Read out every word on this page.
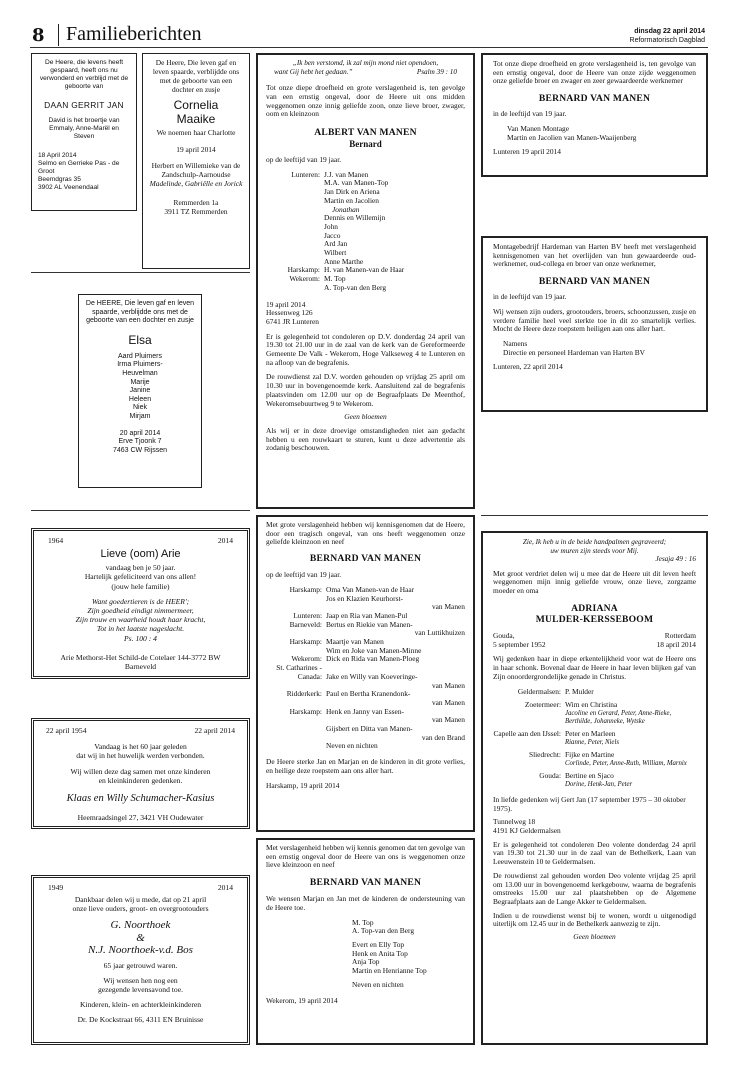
8 Familieberichten	dinsdag 22 april 2014
Reformatorisch Dagblad
De Heere, die levens heeft gespaard, heeft ons nu verwonderd en verblijd met de geboorte van
DAAN GERRIT JAN
David is het broertje van Emmaly, Anne-Marël en Steven
18 April 2014
Selmo en Gerrieke Pas - de Groot
Beemdgras 35
3902 AL Veenendaal
De Heere, Die leven gaf en leven spaarde, verblijdde ons met de geboorte van een dochter en zusje
Cornelia
Maaike
We noemen haar Charlotte
19 april 2014
Herbert en Willemieke van de Zandschulp-Aarnoudse
Madelinde, Gabriëlle en Jorick
Remmerden 1a
3911 TZ Remmerden
De HEERE, Die leven gaf en leven spaarde, verblijdde ons met de geboorte van een dochter en zusje
Elsa
Aard Pluimers
Irma Pluimers-
Heuvelman
Marije
Janine
Heleen
Niek
Mirjam
20 april 2014
Erve Tjoonk 7
7463 CW Rijssen
1964	2014
Lieve (oom) Arie
vandaag ben je 50 jaar.
Hartelijk gefeliciteerd van ons allen!
(jouw hele familie)
Want goedertieren is de HEER';
Zijn goedheid eindigt nimmermeer,
Zijn trouw en waarheid houdt haar kracht,
Tot in het laatste nageslacht.
Ps. 100 : 4
Arie Methorst-Het Schild-de Cotelaer 144-3772 BW Barneveld
22 april 1954	22 april 2014
Vandaag is het 60 jaar geleden
dat wij in het huwelijk werden verbonden.
Wij willen deze dag samen met onze kinderen
en kleinkinderen gedenken.
Klaas en Willy Schumacher-Kasius
Heemraadsingel 27, 3421 VH Oudewater
1949	2014
Dankbaar delen wij u mede, dat op 21 april
onze lieve ouders, groot- en overgrootouders
G. Noorthoek
&
N.J. Noorthoek-v.d. Bos
65 jaar getrouwd waren.
Wij wensen hen nog een
gezegende levensavond toe.
Kinderen, klein- en achterkleinkinderen
Dr. De Kockstraat 66, 4311 EN Bruinisse
„Ik ben verstomd, ik zal mijn mond niet opendoen,
want Gij hebt het gedaan.”	Psalm 39 : 10
Tot onze diepe droefheid en grote verslagenheid is, ten gevolge van een ernstig ongeval, door de Heere uit ons midden weggenomen onze innig geliefde zoon, onze lieve broer, zwager, oom en kleinzoon
ALBERT VAN MANEN
Bernard
op de leeftijd van 19 jaar.
Lunteren: J.J. van Manen
M.A. van Manen-Top
Jan Dirk en Ariena
Martin en Jacolien
Jonathan
Dennis en Willemijn
John
Jacco
Ard Jan
Wilbert
Anne Marthe
Harskamp: H. van Manen-van de Haar
Wekerom: M. Top
A. Top-van den Berg
19 april 2014
Hessenweg 126
6741 JR Lunteren
Er is gelegenheid tot condoleren op D.V. donderdag 24 april van 19.30 tot 21.00 uur in de zaal van de kerk van de Gereformeerde Gemeente De Valk - Wekerom, Hoge Valkseweg 4 te Lunteren en na afloop van de begrafenis.
De rouwdienst zal D.V. worden gehouden op vrijdag 25 april om 10.30 uur in bovengenoemde kerk. Aansluitend zal de begrafenis plaatsvinden om 12.00 uur op de Begraafplaats De Meenthof, Wekeromsebuurtweg 9 te Wekerom.
Geen bloemen
Als wij er in deze droevige omstandigheden niet aan gedacht hebben u een rouwkaart te sturen, kunt u deze advertentie als zodanig beschouwen.
Met grote verslagenheid hebben wij kennisgenomen dat de Heere, door een tragisch ongeval, van ons heeft weggenomen onze geliefde kleinzoon en neef
BERNARD VAN MANEN
op de leeftijd van 19 jaar.
Harskamp: Oma Van Manen-van de Haar
Jos en Klazien Keurhorst-
van Manen
Lunteren: Jaap en Ria van Manen-Pul
Barneveld: Bertus en Riekie van Manen-
van Luttikhuizen
Harskamp: Maartje van Manen
Wim en Joke van Manen-Minne
Wekerom: Dick en Rida van Manen-Ploeg
St. Catharines -
Canada: Jake en Willy van Koeveringe-
van Manen
Ridderkerk: Paul en Bertha Kranendonk-
van Manen
Harskamp: Henk en Janny van Essen-
van Manen
Gijsbert en Ditta van Manen-
van den Brand
Neven en nichten
De Heere sterke Jan en Marjan en de kinderen in dit grote verlies, en heilige deze roepstem aan ons aller hart.
Harskamp, 19 april 2014
Met verslagenheid hebben wij kennis genomen dat ten gevolge van een ernstig ongeval door de Heere van ons is weggenomen onze lieve kleinzoon en neef
BERNARD VAN MANEN
We wensen Marjan en Jan met de kinderen de ondersteuning van de Heere toe.
M. Top
A. Top-van den Berg

Evert en Elly Top
Henk en Anita Top
Anja Top
Martin en Henrianne Top

Neven en nichten
Wekerom, 19 april 2014
Tot onze diepe droefheid en grote verslagenheid is, ten gevolge van een ernstig ongeval, door de Heere van onze zijde weggenomen onze geliefde broer en zwager en zeer gewaardeerde werknemer
BERNARD VAN MANEN
in de leeftijd van 19 jaar.
Van Manen Montage
Martin en Jacolien van Manen-Waaijenberg
Lunteren 19 april 2014
Montagebedrijf Hardeman van Harten BV heeft met verslagenheid kennisgenomen van het overlijden van hun gewaardeerde oud-werknemer, oud-collega en broer van onze werknemer,
BERNARD VAN MANEN
in de leeftijd van 19 jaar.
Wij wensen zijn ouders, grootouders, broers, schoonzussen, zusje en verdere familie heel veel sterkte toe in dit zo smartelijk verlies. Mocht de Heere deze roepstem heiligen aan ons aller hart.
Namens
Directie en personeel Hardeman van Harten BV
Lunteren, 22 april 2014
Zie, Ik heb u in de beide handpalmen gegraveerd;
uw muren zijn steeds voor Mij.
Jesaja 49 : 16
Met groot verdriet delen wij u mee dat de Heere uit dit leven heeft weggenomen mijn innig geliefde vrouw, onze lieve, zorgzame moeder en oma
ADRIANA
MULDER-KERSSEBOOM
Gouda,
5 september 1952
Rotterdam
18 april 2014
Wij gedenken haar in diepe erkentelijkheid voor wat de Heere ons in haar schonk. Bovenal daar de Heere in haar leven blijken gaf van Zijn onoordergrondelijke genade in Christus.
Geldermalsen: P. Mulder
Zoetermeer: Wim en Christina
Jacoline en Gerard, Peter, Anne-Rieke, Berthilde, Johanneke, Wytske
Capelle aan den IJssel: Peter en Marleen
Rianne, Peter, Niels
Sliedrecht: Fijke en Martine
Corlinde, Peter, Anne-Ruth, William, Marnix
Gouda: Bertine en Sjaco
Dorine, Henk-Jan, Peter
In liefde gedenken wij Gert Jan (17 september 1975 – 30 oktober 1975).
Tunnelweg 18
4191 KJ Geldermalsen
Er is gelegenheid tot condoleren Deo volente donderdag 24 april van 19.30 tot 21.30 uur in de zaal van de Bethelkerk, Laan van Leeuwenstein 10 te Geldermalsen.
De rouwdienst zal gehouden worden Deo volente vrijdag 25 april om 13.00 uur in bovengenoemd kerkgebouw, waarna de begrafenis omstreeks 15.00 uur zal plaatshebben op de Algemene Begraafplaats aan de Lange Akker te Geldermalsen.
Indien u de rouwdienst wenst bij te wonen, wordt u uitgenodigd uiterlijk om 12.45 uur in de Bethelkerk aanwezig te zijn.
Geen bloemen
